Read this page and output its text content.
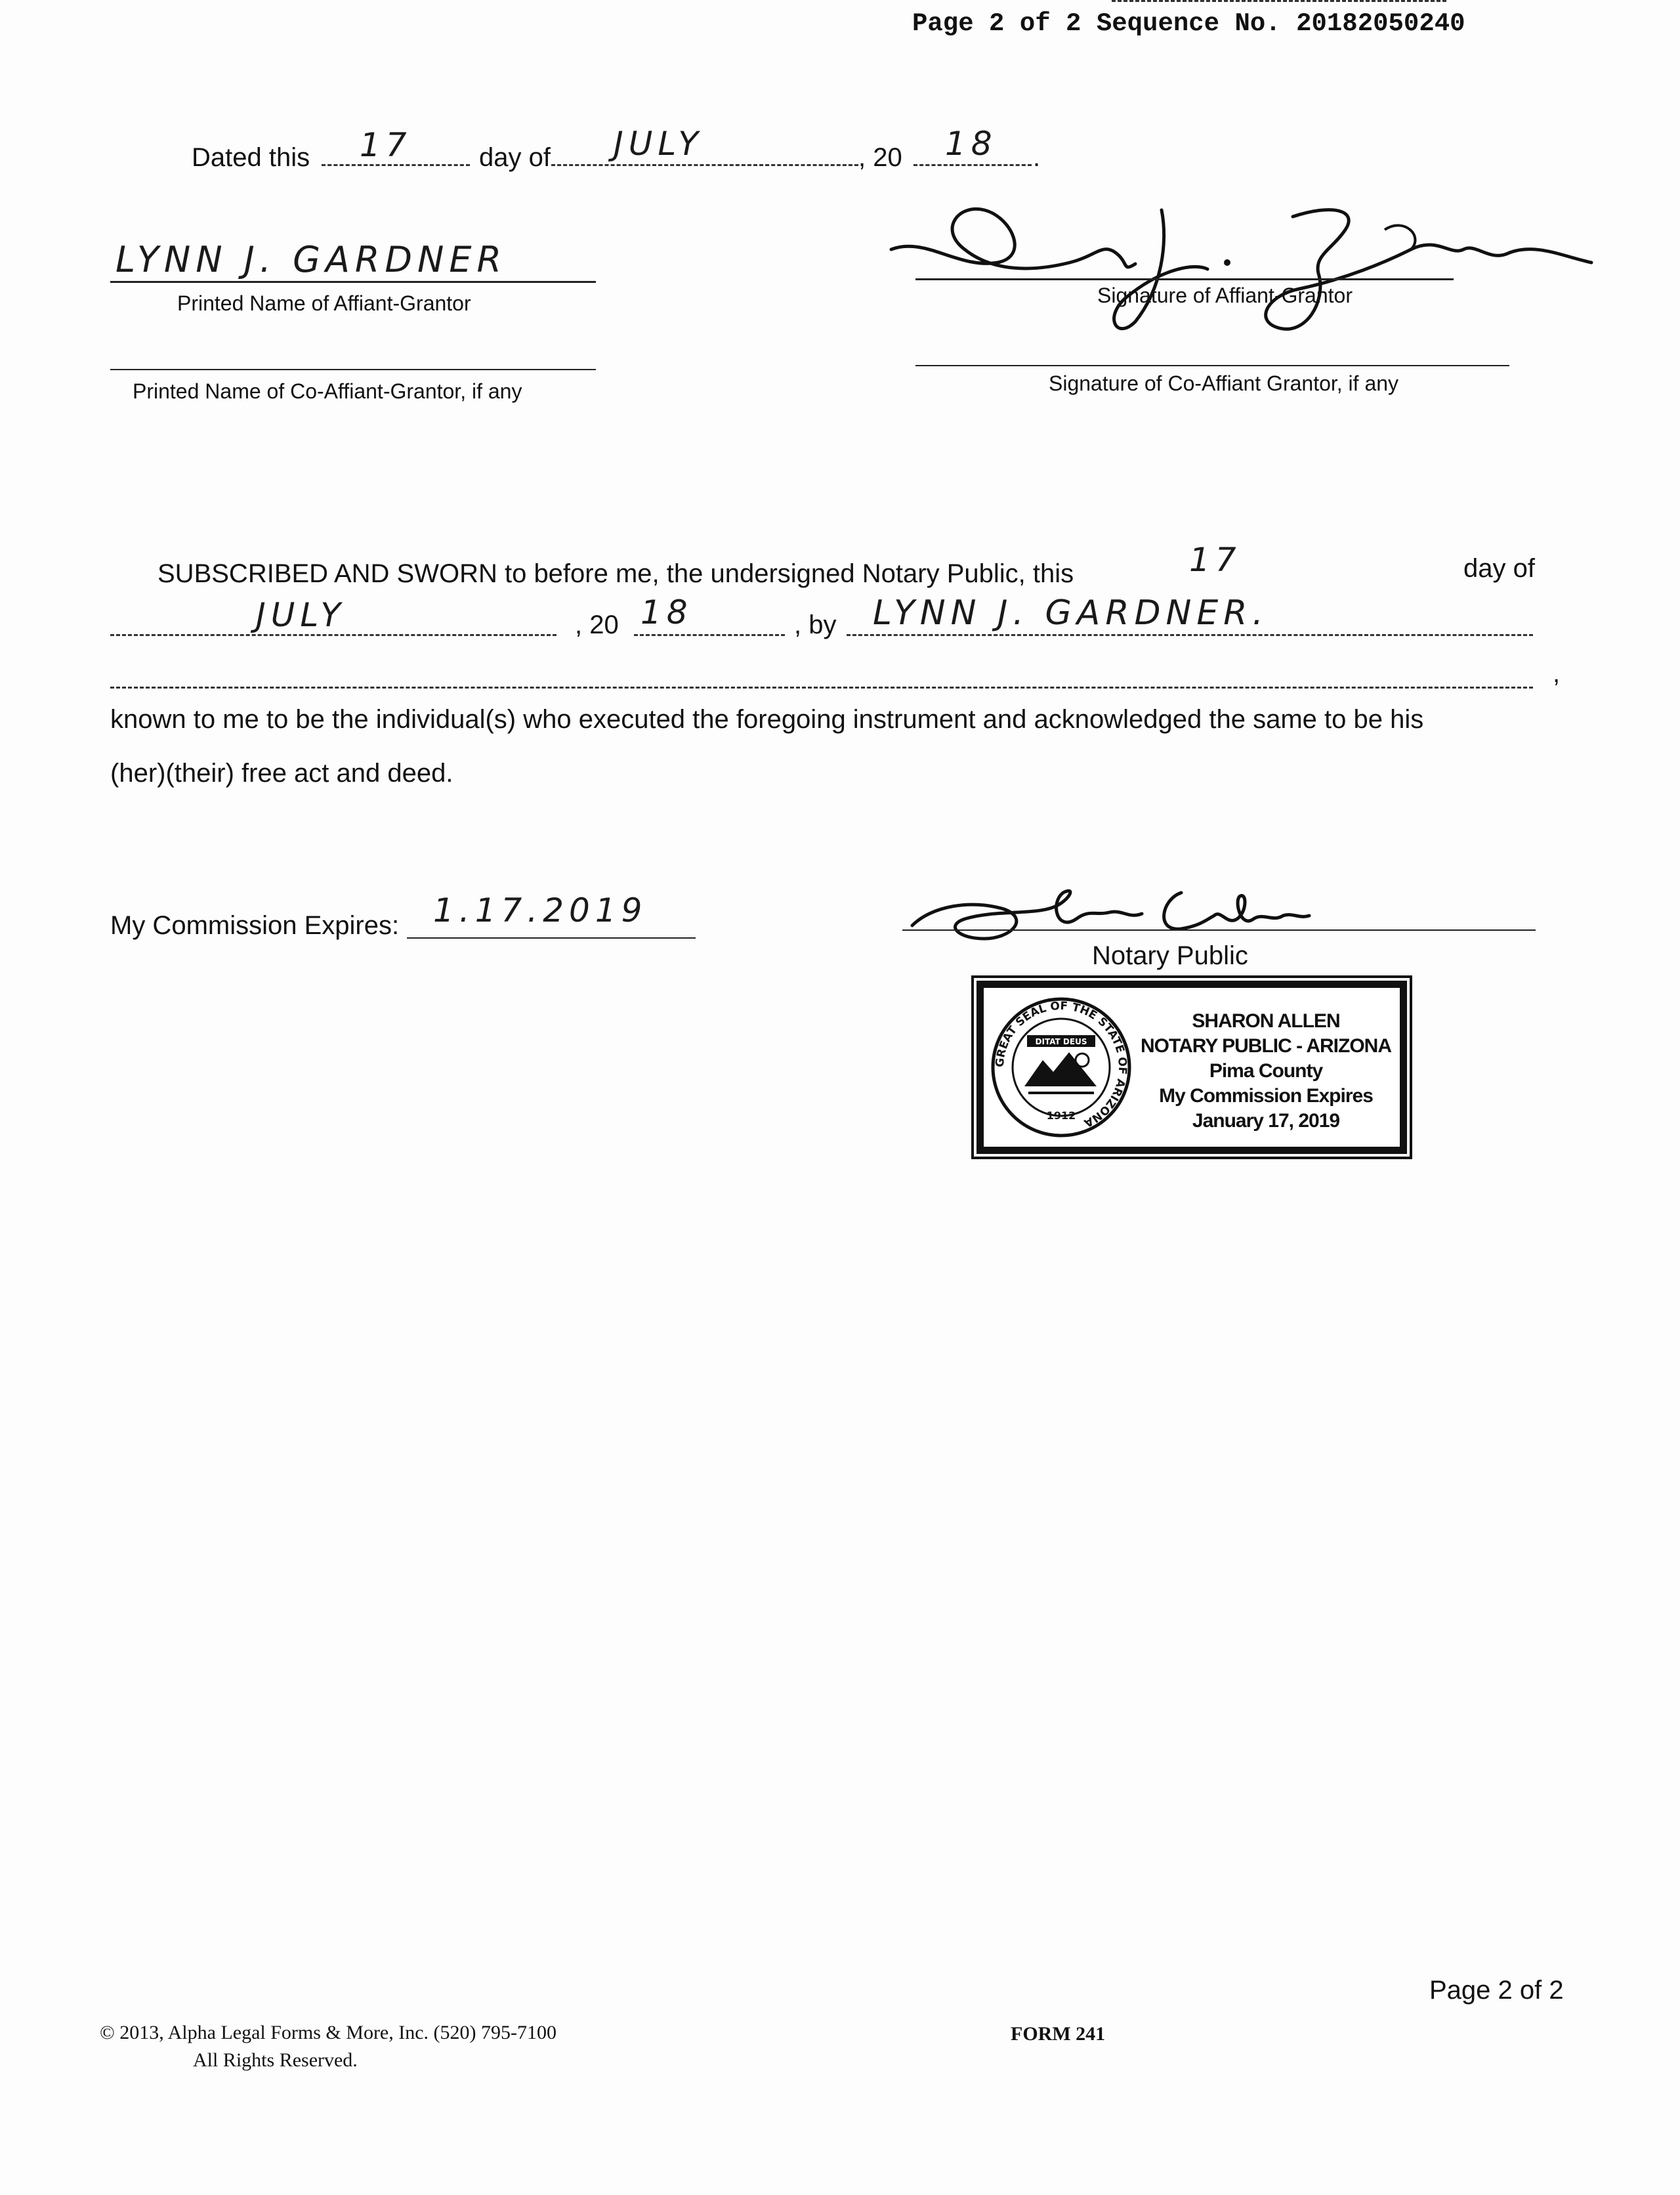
Page 2 of 2 Sequence No. 20182050240
Dated this 17	day of JULY	, 20 18 .
LYNN J. GARDNER
Printed Name of Affiant-Grantor	Signature of Affiant-Grantor
Printed Name of Co-Affiant-Grantor, if any	Signature of Co-Affiant Grantor, if any
SUBSCRIBED AND SWORN to before me, the undersigned Notary Public, this	17	day of
JULY	, 20 18	, by LYNN J. GARDNER.
,
known to me to be the individual(s) who executed the foregoing instrument and acknowledged the same to be his
(her)(their) free act and deed.
My Commission Expires: 1.17.2019
Notary Public
GREAT SEAL OF THE STATE OF ARIZONA
DITAT DEUS
1912
SHARON ALLEN
NOTARY PUBLIC - ARIZONA
Pima County
My Commission Expires
January 17, 2019
Page 2 of 2
© 2013, Alpha Legal Forms & More, Inc. (520) 795-7100
All Rights Reserved.
FORM 241
